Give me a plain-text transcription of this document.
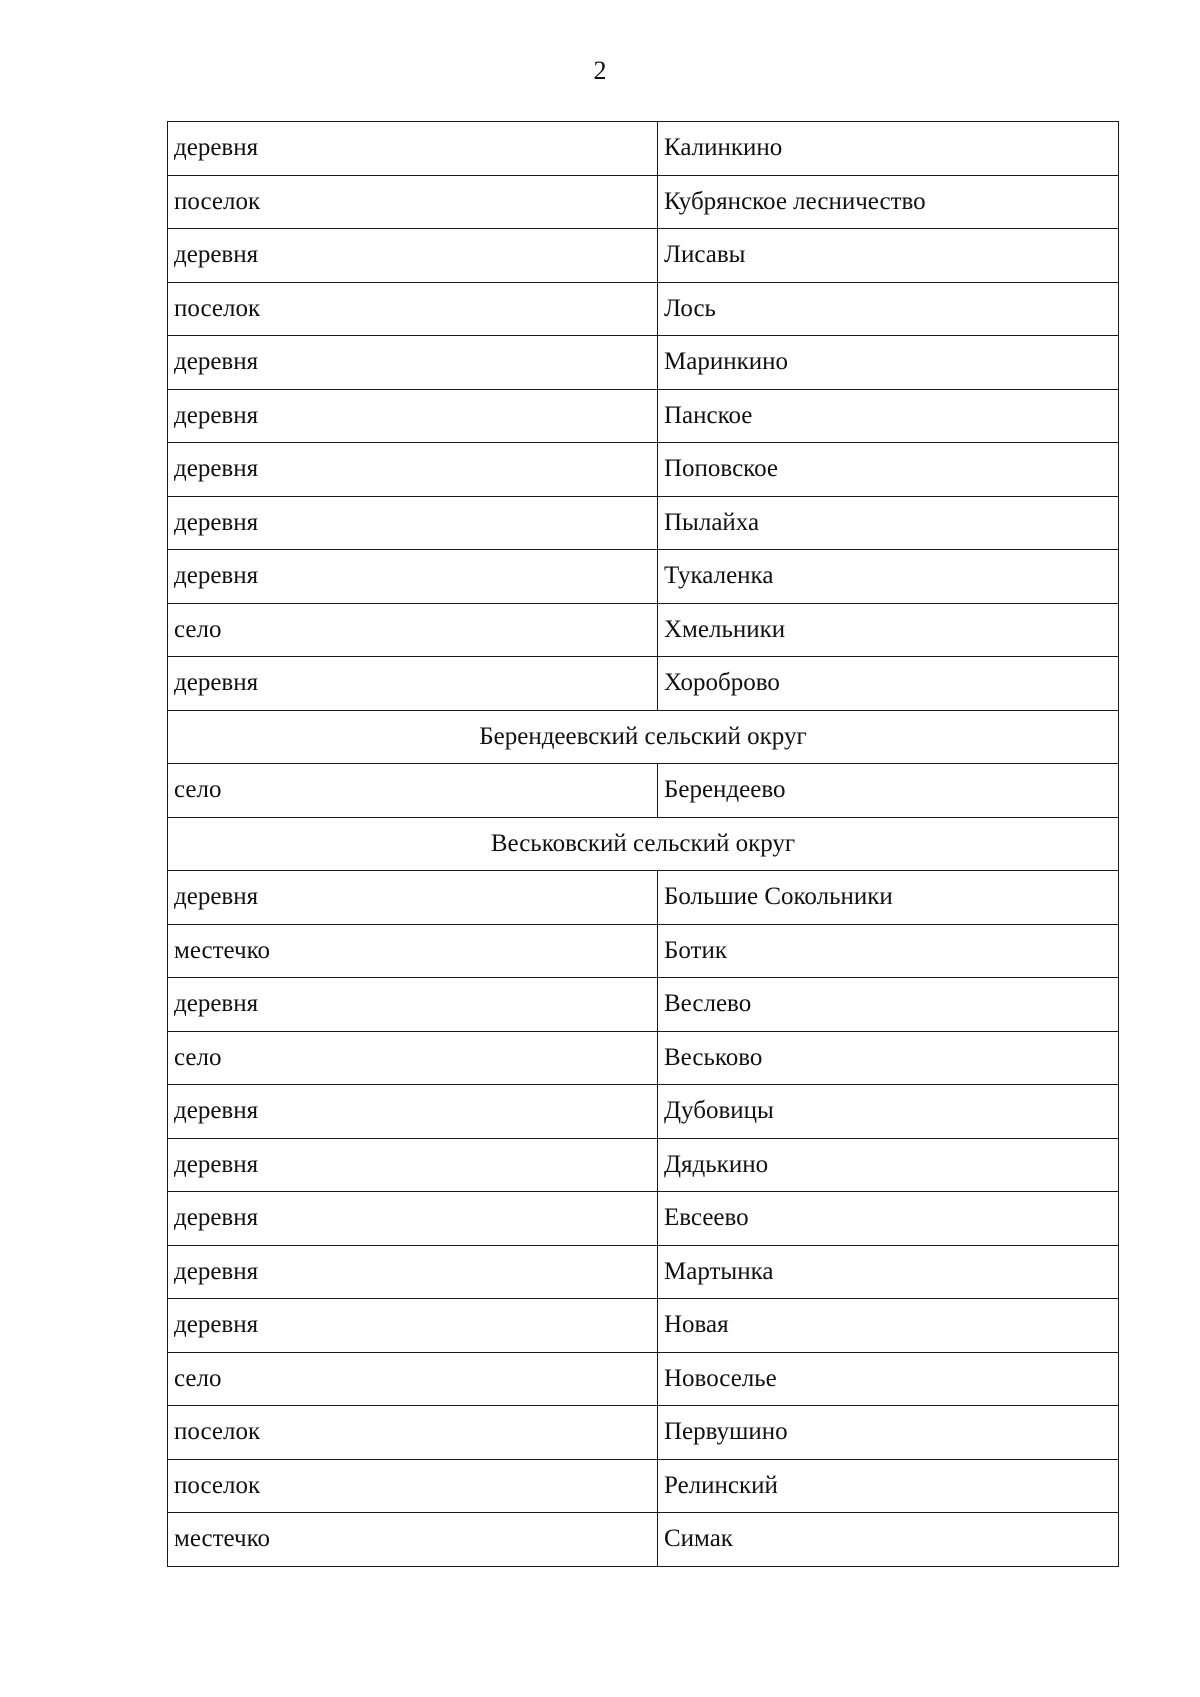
2
деревня	Калинкино
поселок	Кубрянское лесничество
деревня	Лисавы
поселок	Лось
деревня	Маринкино
деревня	Панское
деревня	Поповское
деревня	Пылайха
деревня	Тукаленка
село	Хмельники
деревня	Хороброво
Берендеевский сельский округ	
село	Берендеево
Веськовский сельский округ	
деревня	Большие Сокольники
местечко	Ботик
деревня	Веслево
село	Веськово
деревня	Дубовицы
деревня	Дядькино
деревня	Евсеево
деревня	Мартынка
деревня	Новая
село	Новоселье
поселок	Первушино
поселок	Релинский
местечко	Симак
